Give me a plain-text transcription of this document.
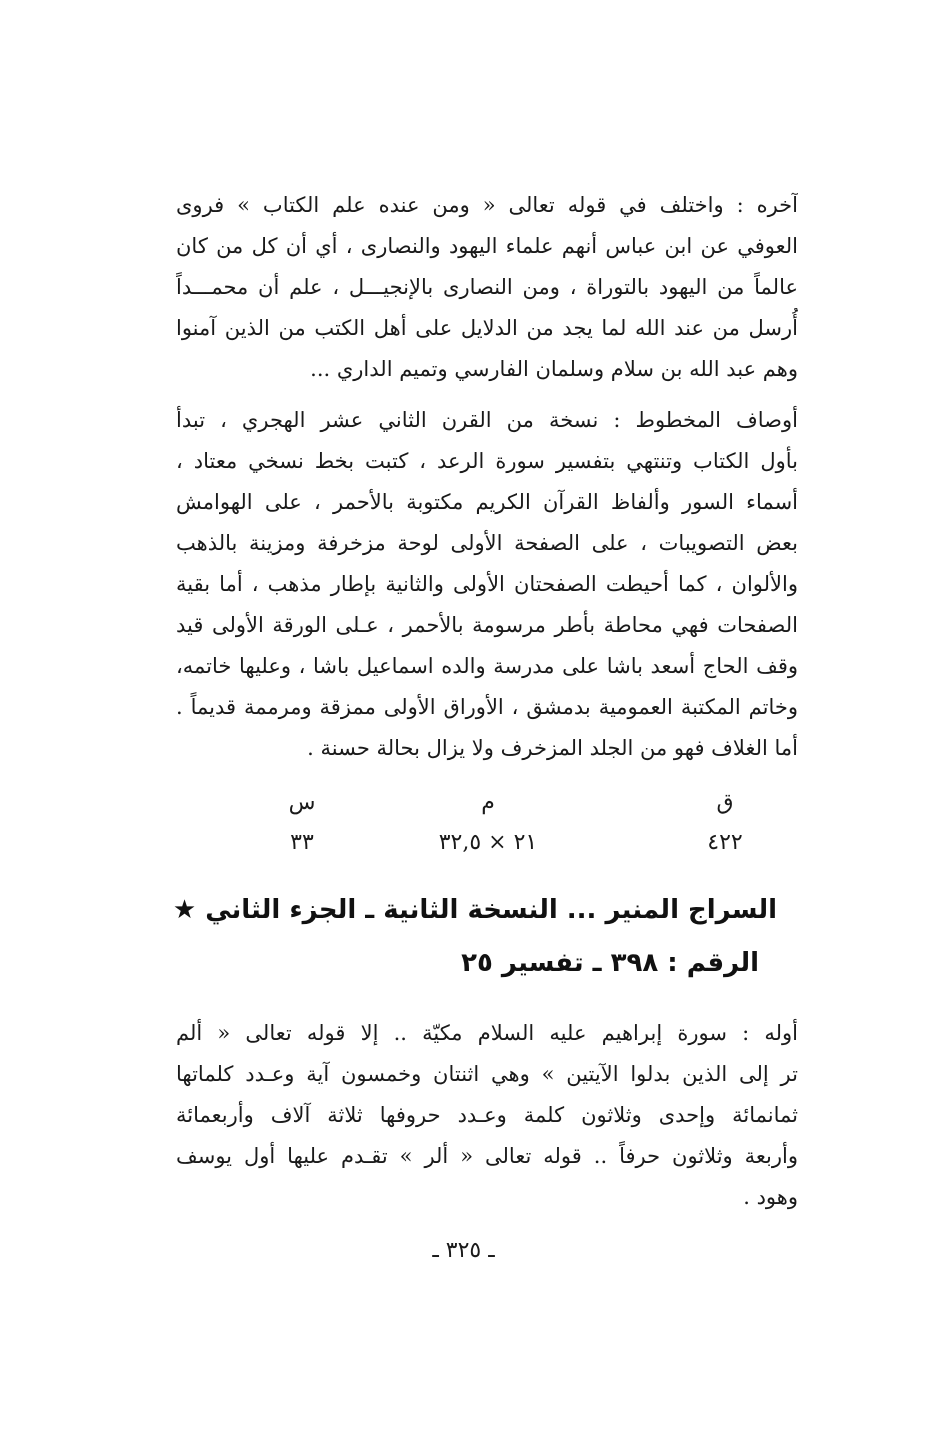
آخره : واختلف في قوله تعالى « ومن عنده علم الكتاب » فروى
العوفي عن ابن عباس أنهم علماء اليهود والنصارى ، أي أن كل من كان
عالماً من اليهود بالتوراة ، ومن النصارى بالإنجيـــل ، علم أن محمـــداً
أُرسل من عند الله لما يجد من الدلايل على أهل الكتب من الذين آمنوا
وهم عبد الله بن سلام وسلمان الفارسي وتميم الداري ...
أوصاف المخطوط : نسخة من القرن الثاني عشر الهجري ، تبدأ
بأول الكتاب وتنتهي بتفسير سورة الرعد ، كتبت بخط نسخي معتاد ،
أسماء السور وألفاظ القرآن الكريم مكتوبة بالأحمر ، على الهوامش
بعض التصويبات ، على الصفحة الأولى لوحة مزخرفة ومزينة بالذهب
والألوان ، كما أحيطت الصفحتان الأولى والثانية بإطار مذهب ، أما بقية
الصفحات فهي محاطة بأطر مرسومة بالأحمر ، عـلى الورقة الأولى قيد
وقف الحاج أسعد باشا على مدرسة والده اسماعيل باشا ، وعليها خاتمه،
وخاتم المكتبة العمومية بدمشق ، الأوراق الأولى ممزقة ومرممة قديماً .
أما الغلاف فهو من الجلد المزخرف ولا يزال بحالة حسنة .
ق
٤٢٢
م
٢١ × ٣٢,٥
س
٣٣
السراج المنير ... النسخة الثانية ـ الجزء الثاني ★
الرقم : ٣٩٨ ـ تفسير ٢٥
أوله : سورة إبراهيم عليه السلام مكيّة .. إلا قوله تعالى « ألم
تر إلى الذين بدلوا الآيتين » وهي اثنتان وخمسون آية وعـدد كلماتها
ثمانمائة وإحدى وثلاثون كلمة وعـدد حروفها ثلاثة آلاف وأربعمائة
وأربعة وثلاثون حرفاً .. قوله تعالى « ألر » تقـدم عليها أول يوسف
وهود .
ـ ٣٢٥ ـ
